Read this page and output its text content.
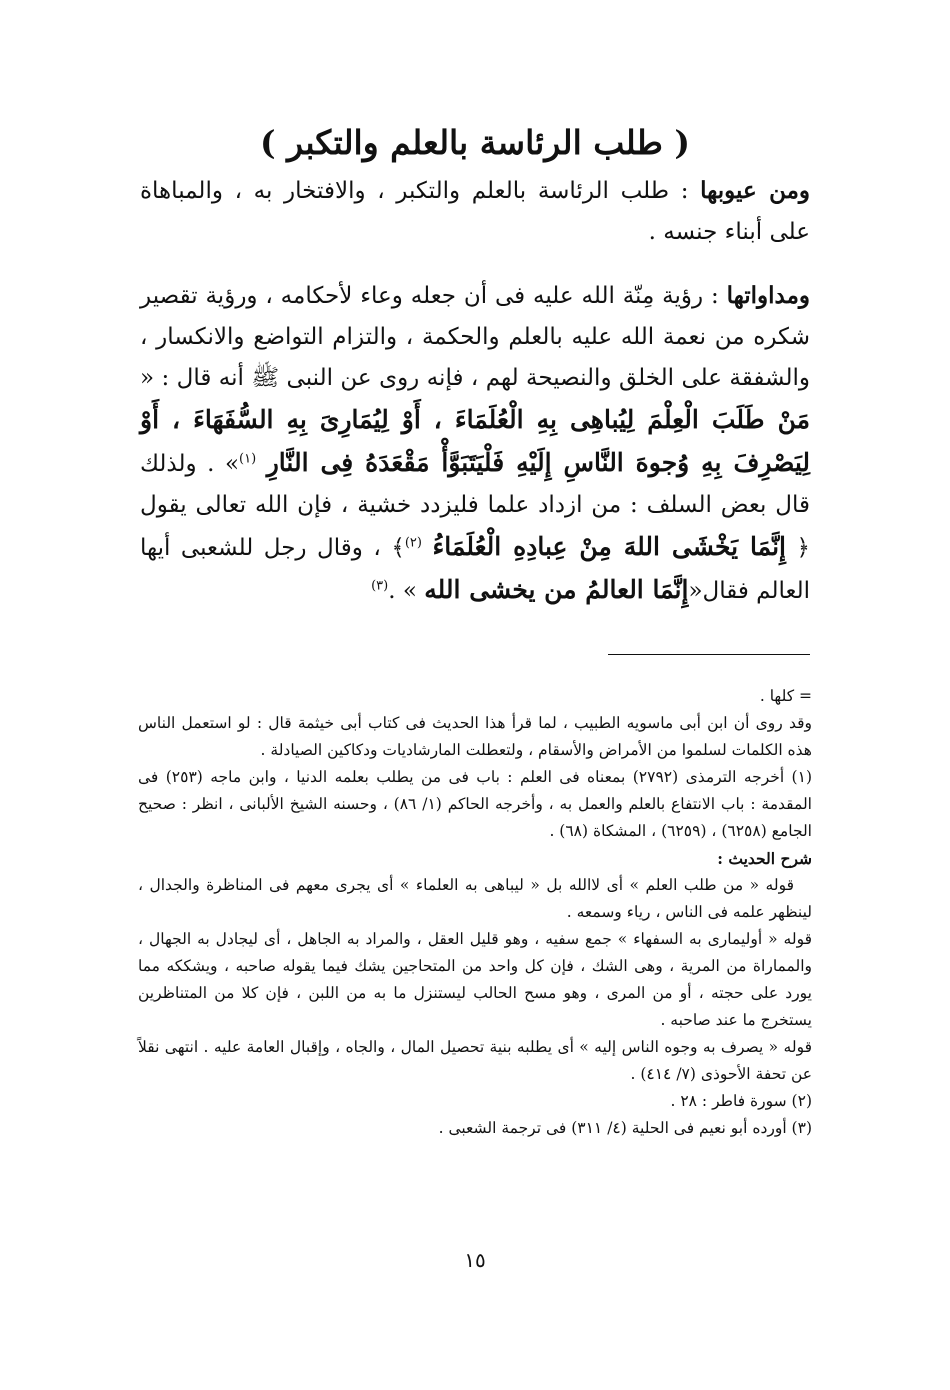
( طلب الرئاسة بالعلم والتكبر )

ومن عيوبها : طلب الرئاسة بالعلم والتكبر ، والافتخار به ، والمباهاة على أبناء جنسه .

ومداواتها : رؤية مِنّة الله عليه فى أن جعله وعاء لأحكامه ، ورؤية تقصير شكره من نعمة الله عليه بالعلم والحكمة ، والتزام التواضع والانكسار ، والشفقة على الخلق والنصيحة لهم ، فإنه روى عن النبى ﷺ أنه قال : « مَنْ طَلَبَ الْعِلْمَ لِيُباهِى بِهِ الْعُلَمَاءَ ، أَوْ لِيُمَارِىَ بِهِ السُّفَهَاءَ ، أَوْ لِيَصْرِفَ بِهِ وُجوهَ النَّاسِ إِلَيْهِ فَلْيَتَبَوَّأْ مَقْعَدَهُ فِى النَّارِ $^{(١)}$» . ولذلك قال بعض السلف : من ازداد علما فليزدد خشية ، فإن الله تعالى يقول ﴿ إِنَّمَا يَخْشَى اللهَ مِنْ عِبادِهِ الْعُلَمَاءُ $^{(٢)}$﴾ ، وقال رجل للشعبى أيها العالم فقال«إِنَّمَا العالمُ من يخشى الله » .$^{(٣)}$

= كلها .

وقد روى أن ابن أبى ماسويه الطبيب ، لما قرأ هذا الحديث فى كتاب أبى خيثمة قال : لو استعمل الناس هذه الكلمات لسلموا من الأمراض والأسقام ، ولتعطلت المارشاديات ودكاكين الصيادلة .

(١) أخرجه الترمذى (٢٧٩٢) بمعناه فى العلم : باب فى من يطلب بعلمه الدنيا ، وابن ماجه (٢٥٣) فى المقدمة : باب الانتفاع بالعلم والعمل به ، وأخرجه الحاكم (١/ ٨٦) ، وحسنه الشيخ الألبانى ، انظر : صحيح الجامع (٦٢٥٨) ، (٦٢٥٩) ، المشكاة (٦٨) .

شرح الحديث :

قوله « من طلب العلم » أى لاالله بل « ليباهى به العلماء » أى يجرى معهم فى المناظرة والجدال ، لينظهر علمه فى الناس ، رياء وسمعه .

قوله « أوليمارى به السفهاء » جمع سفيه ، وهو قليل العقل ، والمراد به الجاهل ، أى ليجادل به الجهال ، والمماراة من المرية ، وهى الشك ، فإن كل واحد من المتحاجين يشك فيما يقوله صاحبه ، ويشككه مما يورد على حجته ، أو من المرى ، وهو مسح الحالب ليستنزل ما به من اللبن ، فإن كلا من المتناظرين يستخرج ما عند صاحبه .

قوله « يصرف به وجوه الناس إليه » أى يطلبه بنية تحصيل المال ، والجاه ، وإقبال العامة عليه . انتهى نقلاً عن تحفة الأحوذى (٧/ ٤١٤) .

(٢) سورة فاطر : ٢٨ .

(٣) أورده أبو نعيم فى الحلية (٤/ ٣١١) فى ترجمة الشعبى .

١٥
